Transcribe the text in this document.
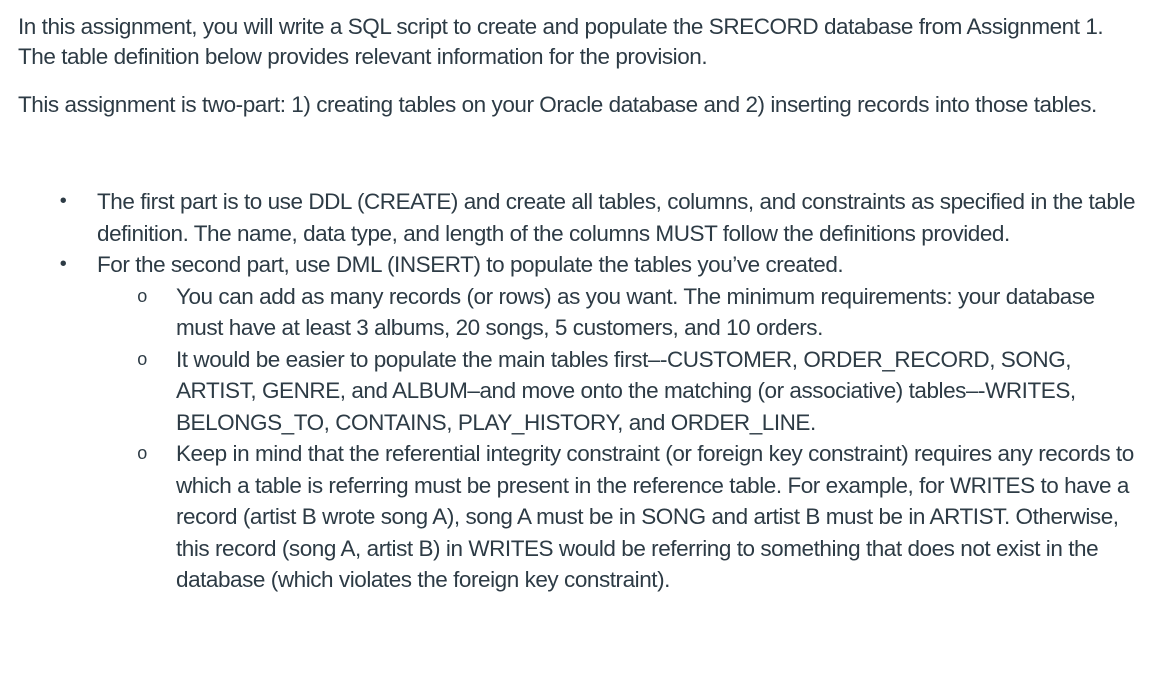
In this assignment, you will write a SQL script to create and populate the SRECORD database from Assignment 1. The table definition below provides relevant information for the provision.

This assignment is two-part: 1) creating tables on your Oracle database and 2) inserting records into those tables.

• The first part is to use DDL (CREATE) and create all tables, columns, and constraints as specified in the table definition. The name, data type, and length of the columns MUST follow the definitions provided.
• For the second part, use DML (INSERT) to populate the tables you’ve created.
o You can add as many records (or rows) as you want. The minimum requirements: your database must have at least 3 albums, 20 songs, 5 customers, and 10 orders.
o It would be easier to populate the main tables first–-CUSTOMER, ORDER_RECORD, SONG, ARTIST, GENRE, and ALBUM–and move onto the matching (or associative) tables–-WRITES, BELONGS_TO, CONTAINS, PLAY_HISTORY, and ORDER_LINE.
o Keep in mind that the referential integrity constraint (or foreign key constraint) requires any records to which a table is referring must be present in the reference table. For example, for WRITES to have a record (artist B wrote song A), song A must be in SONG and artist B must be in ARTIST. Otherwise, this record (song A, artist B) in WRITES would be referring to something that does not exist in the database (which violates the foreign key constraint).
